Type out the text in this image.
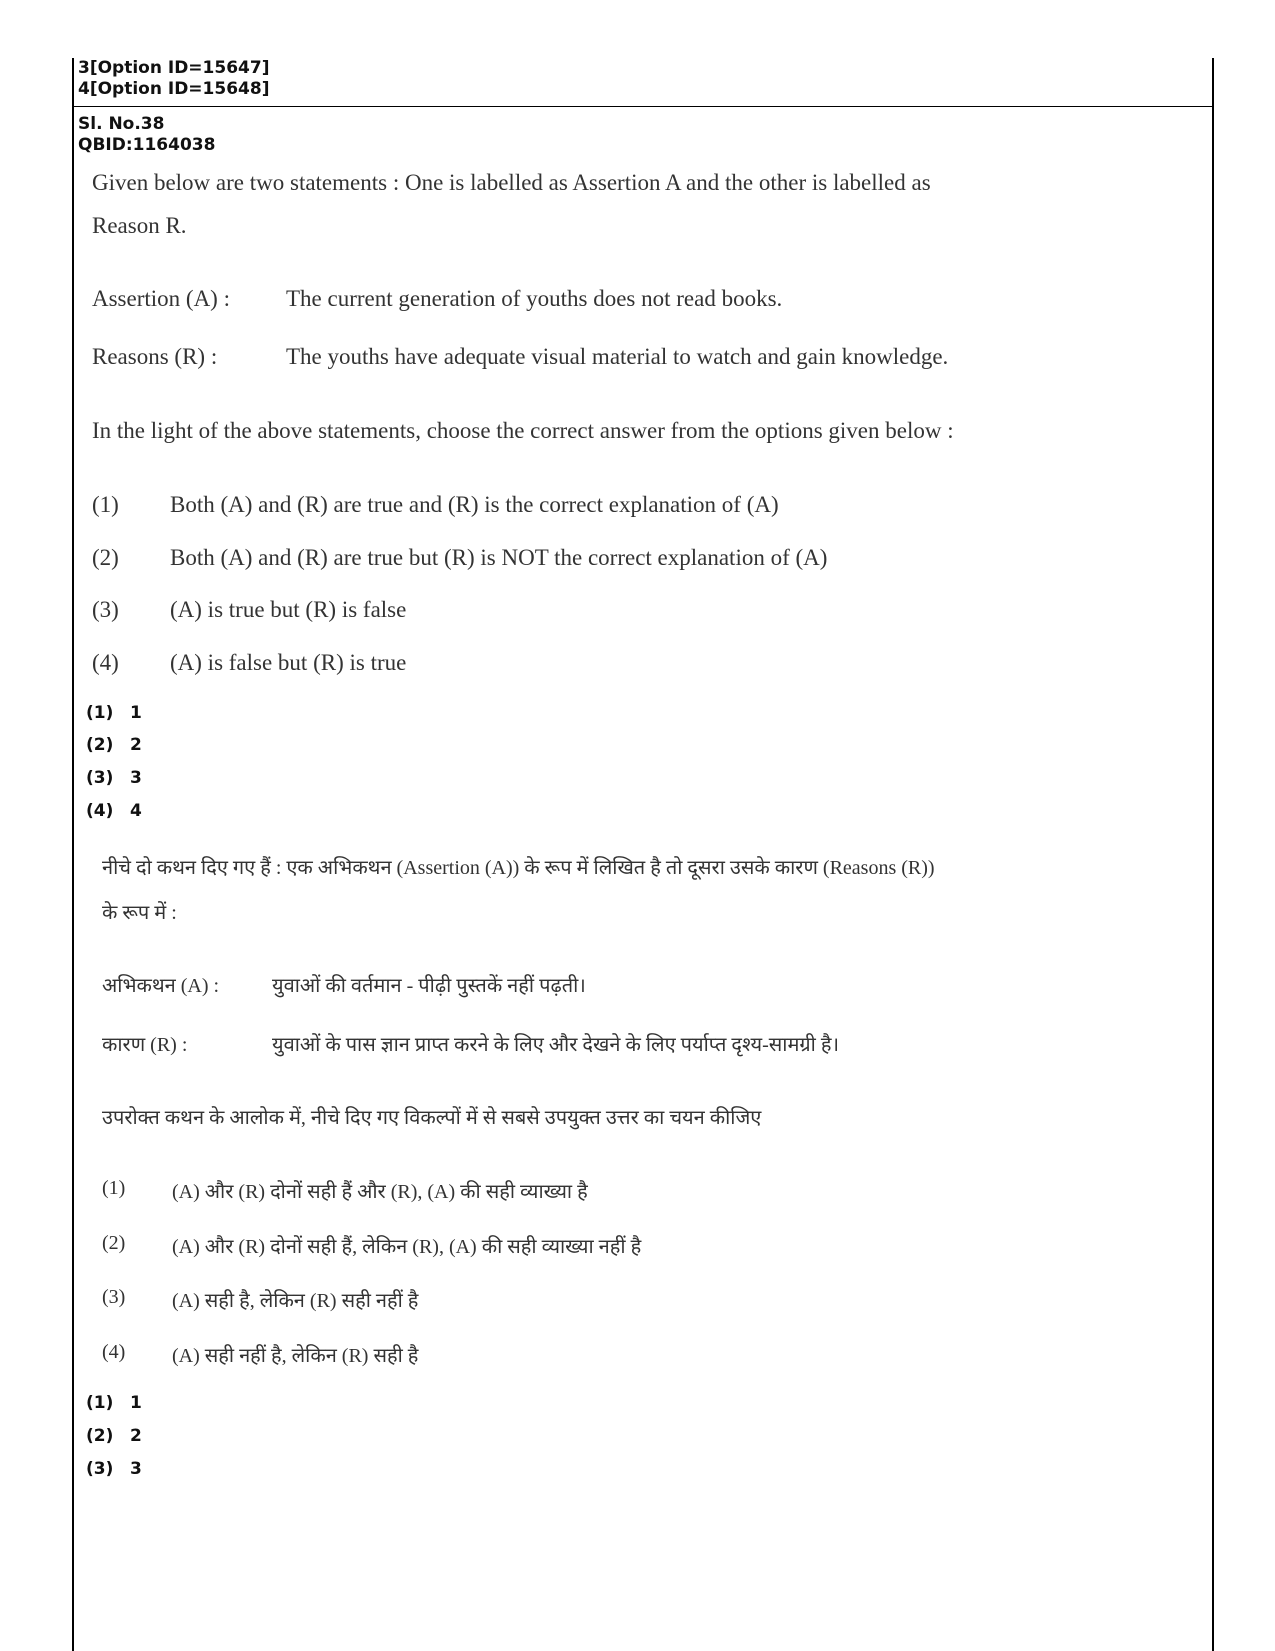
3[Option ID=15647]
4[Option ID=15648]
Sl. No.38
QBID:1164038
Given below are two statements : One is labelled as Assertion A and the other is labelled as
Reason R.
Assertion (A) : The current generation of youths does not read books.
Reasons (R) :	The youths have adequate visual material to watch and gain knowledge.
In the light of the above statements, choose the correct answer from the options given below :
(1) Both (A) and (R) are true and (R) is the correct explanation of (A)
(2) Both (A) and (R) are true but (R) is NOT the correct explanation of (A)
(3) (A) is true but (R) is false
(4) (A) is false but (R) is true
(1) 1
(2) 2
(3) 3
(4) 4
नीचे दो कथन दिए गए हैं : एक अभिकथन (Assertion (A)) के रूप में लिखित है तो दूसरा उसके कारण (Reasons (R))
के रूप में :
अभिकथन (A) :	युवाओं की वर्तमान - पीढ़ी पुस्तकें नहीं पढ़ती।
कारण (R) :	युवाओं के पास ज्ञान प्राप्त करने के लिए और देखने के लिए पर्याप्त दृश्य-सामग्री है।
उपरोक्त कथन के आलोक में, नीचे दिए गए विकल्पों में से सबसे उपयुक्त उत्तर का चयन कीजिए
(1) (A) और (R) दोनों सही हैं और (R), (A) की सही व्याख्या है
(2) (A) और (R) दोनों सही हैं, लेकिन (R), (A) की सही व्याख्या नहीं है
(3) (A) सही है, लेकिन (R) सही नहीं है
(4) (A) सही नहीं है, लेकिन (R) सही है
(1) 1
(2) 2
(3) 3
